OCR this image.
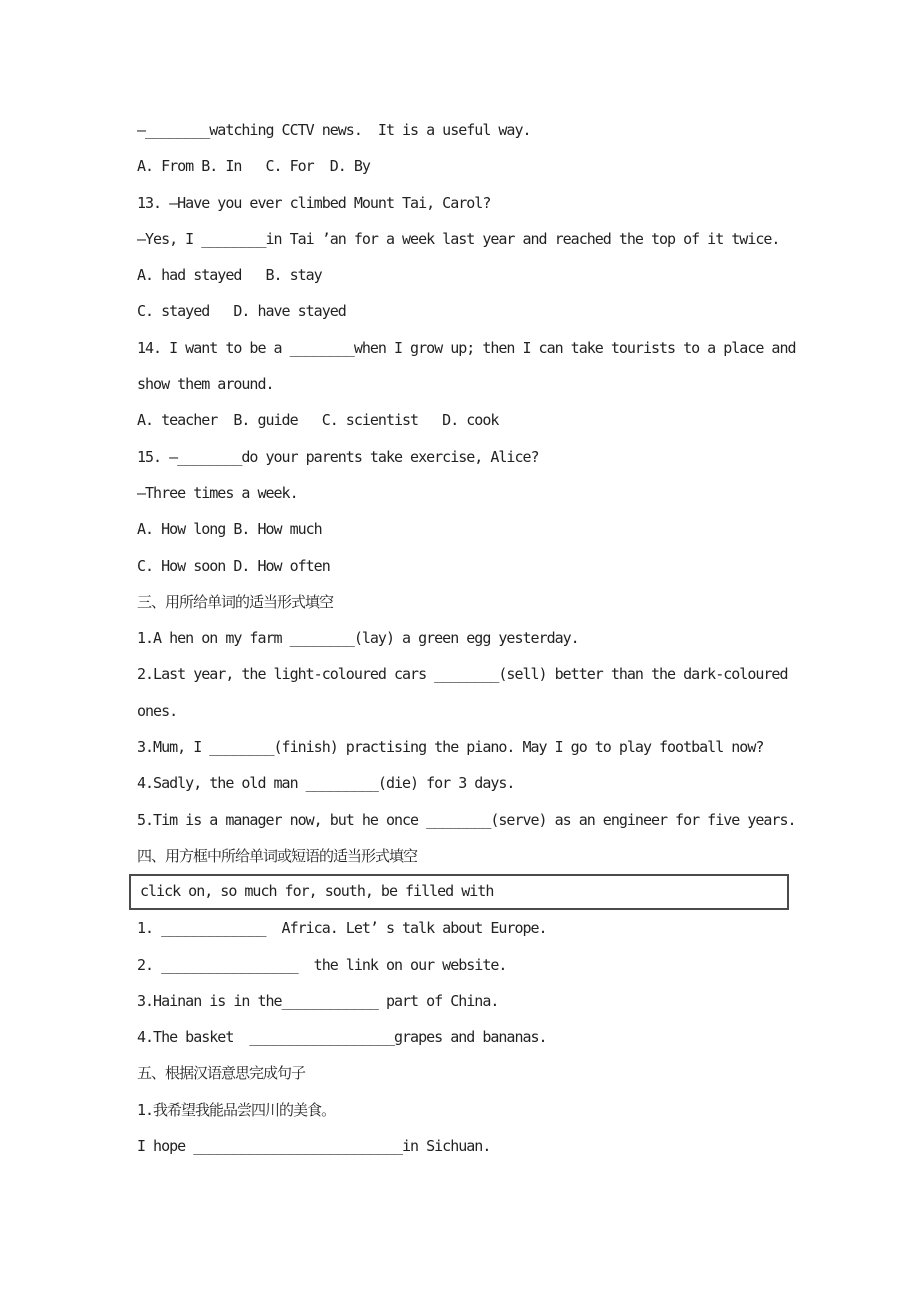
—________watching CCTV news.  It is a useful way.
A. From B. In   C. For  D. By
13. —Have you ever climbed Mount Tai, Carol?
—Yes, I ________in Tai ’an for a week last year and reached the top of it twice.
A. had stayed   B. stay
C. stayed   D. have stayed
14. I want to be a ________when I grow up; then I can take tourists to a place and
show them around.
A. teacher  B. guide   C. scientist   D. cook
15. —________do your parents take exercise, Alice?
—Three times a week.
A. How long B. How much
C. How soon D. How often
三、用所给单词的适当形式填空
1.A hen on my farm ________(lay) a green egg yesterday.
2.Last year, the light-coloured cars ________(sell) better than the dark-coloured
ones.
3.Mum, I ________(finish) practising the piano. May I go to play football now?
4.Sadly, the old man _________(die) for 3 days.
5.Tim is a manager now, but he once ________(serve) as an engineer for five years.
四、用方框中所给单词或短语的适当形式填空
click on, so much for, south, be filled with
1. _____________  Africa. Let’ s talk about Europe.
2. _________________  the link on our website.
3.Hainan is in the____________ part of China.
4.The basket  __________________grapes and bananas.
五、根据汉语意思完成句子
1.我希望我能品尝四川的美食。
I hope __________________________in Sichuan.
